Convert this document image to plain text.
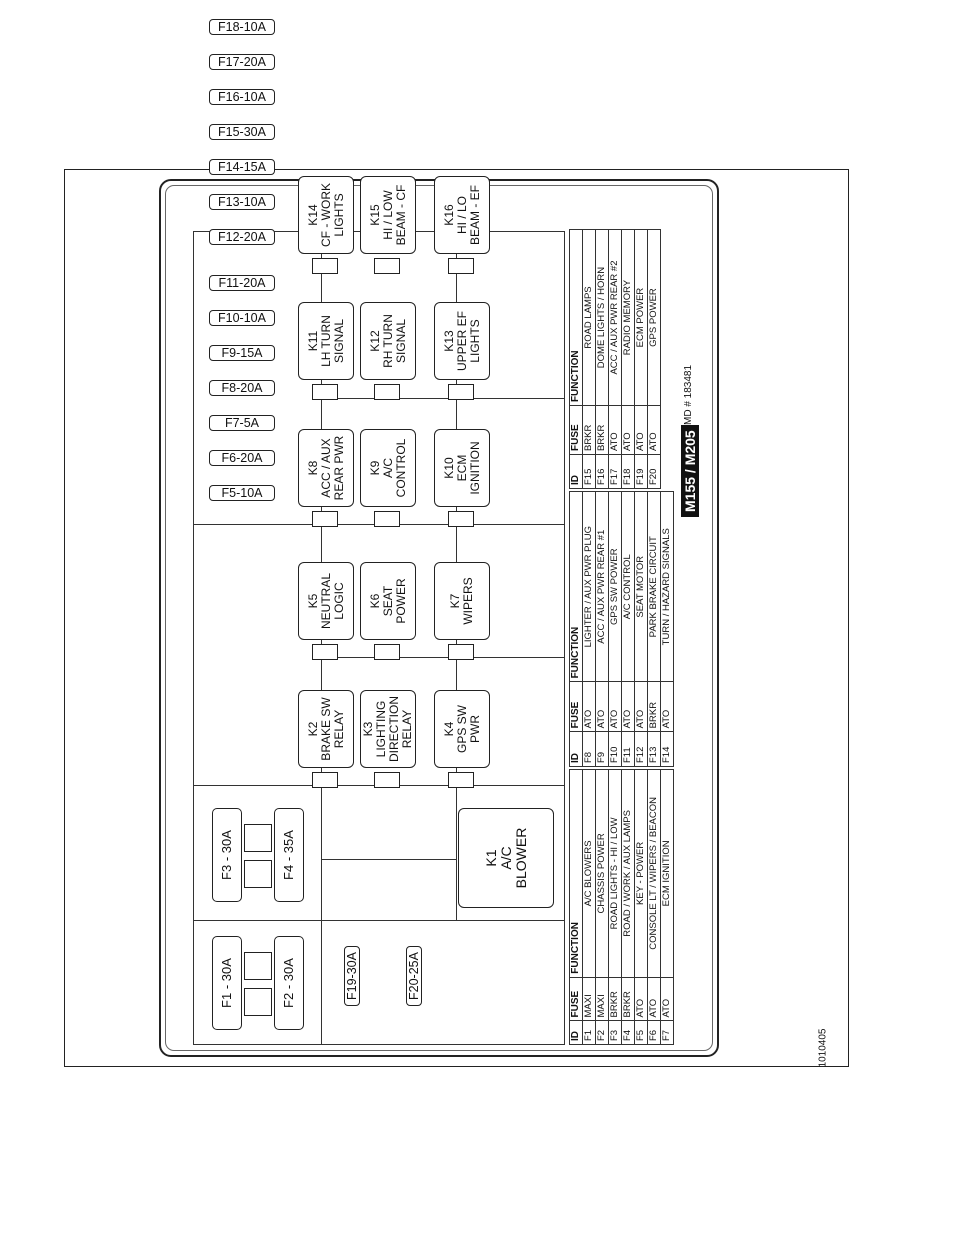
1010405
F1 - 30A	F2 - 30A
F3 - 30A	F4 - 35A
F5-10A
F6-20A
F7-5A
F8-20A
F9-15A
F10-10A
F11-20A
F12-20A
F13-10A
F14-15A
F15-30A
F16-10A
F17-20A
F18-10A
F19-30A	F20-25A
K2
BRAKE SW
RELAY	K3
LIGHTING
DIRECTION
RELAY	K4
GPS SW
PWR
K5
NEUTRAL
LOGIC	K6
SEAT
POWER	K7
WIPERS
K8
ACC / AUX
REAR PWR
K9
A/C
CONTROL	K10
ECM
IGNITION
K11
LH TURN
SIGNAL	K12
RH TURN
SIGNAL	K13
UPPER EF
LIGHTS
K14
CF - WORK
LIGHTS	K15
HI / LOW
BEAM - CF
K16
HI / LO
BEAM - EF
K1
A/C
BLOWER
ID	FUSE	FUNCTION
F1	MAXI	A/C BLOWERS
F2	MAXI	CHASSIS POWER
F3	BRKR	ROAD LIGHTS - HI / LOW
F4	BRKR	ROAD / WORK / AUX LAMPS
F5	ATO	KEY - POWER
F6	ATO	CONSOLE LT / WIPERS / BEACON
F7	ATO	ECM IGNITION
ID	FUSE	FUNCTION
F8	ATO	LIGHTER / AUX PWR PLUG
F9	ATO	ACC / AUX PWR REAR #1
F10	ATO	GPS SW POWER
F11	ATO	A/C CONTROL
F12	ATO	SEAT MOTOR
F13	BRKR	PARK BRAKE CIRCUIT
F14	ATO	TURN / HAZARD SIGNALS
ID	FUSE	FUNCTION
F15	BRKR	ROAD LAMPS
F16	BRKR	DOME LIGHTS / HORN
F17	ATO	ACC / AUX PWR REAR #2
F18	ATO	RADIO MEMORY
F19	ATO	ECM POWER
F20	ATO	GPS POWER
M155 / M205
MD # 183481
